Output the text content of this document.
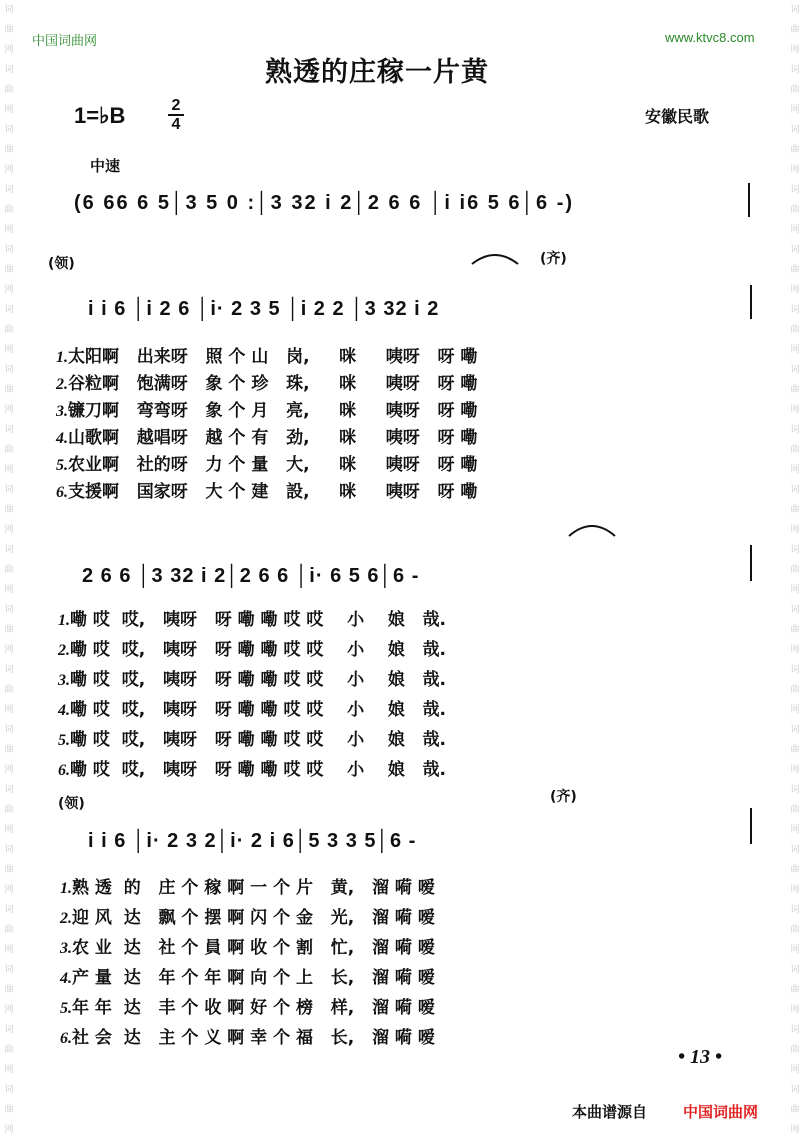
词 曲 网 词 曲 网 词 曲 网 词 曲 网 词 曲 网 词 曲 网 词 曲 网 词 曲 网 词 曲 网 词 曲 网 词 曲 网 词 曲 网 词 曲 网 词 曲 网 词 曲 网 词 曲 网 词 曲 网 词 曲 网 词 曲 网
词 曲 网 词 曲 网 词 曲 网 词 曲 网 词 曲 网 词 曲 网 词 曲 网 词 曲 网 词 曲 网 词 曲 网 词 曲 网 词 曲 网 词 曲 网 词 曲 网 词 曲 网 词 曲 网 词 曲 网 词 曲 网 词 曲 网
中国词曲网	www.ktvc8.com
熟透的庄稼一片黄
1=♭B	2
4	安徽民歌
中速
(6 66 6 5│3 5 0 :│3 32 i 2│2 6 6 │i i6 5 6│6 -)
(领)	(齐)
i i 6 │i 2 6 │i· 2 3 5 │i 2 2 │3 32 i 2
1.太阳啊   出来呀   照 个 山   岗,     咪     咦呀   呀 嘞
2.谷粒啊   饱满呀   象 个 珍   珠,     咪     咦呀   呀 嘞
3.镰刀啊   弯弯呀   象 个 月   亮,     咪     咦呀   呀 嘞
4.山歌啊   越唱呀   越 个 有   劲,     咪     咦呀   呀 嘞
5.农业啊   社的呀   力 个 量   大,     咪     咦呀   呀 嘞
6.支援啊   国家呀   大 个 建   設,     咪     咦呀   呀 嘞
2 6 6 │3 32 i 2│2 6 6 │i· 6 5 6│6 -
1.嘞 哎  哎,   咦呀   呀 嘞 嘞 哎 哎    小    娘   哉.
2.嘞 哎  哎,   咦呀   呀 嘞 嘞 哎 哎    小    娘   哉.
3.嘞 哎  哎,   咦呀   呀 嘞 嘞 哎 哎    小    娘   哉.
4.嘞 哎  哎,   咦呀   呀 嘞 嘞 哎 哎    小    娘   哉.
5.嘞 哎  哎,   咦呀   呀 嘞 嘞 哎 哎    小    娘   哉.
6.嘞 哎  哎,   咦呀   呀 嘞 嘞 哎 哎    小    娘   哉.
(领)	(齐)
i i 6 │i· 2 3 2│i· 2 i 6│5 3 3 5│6 -
1.熟 透  的   庄 个 稼 啊 一 个 片   黄,   溜 嗬 嗳
2.迎 风  达   飘 个 摆 啊 闪 个 金   光,   溜 嗬 嗳
3.农 业  达   社 个 員 啊 收 个 割   忙,   溜 嗬 嗳
4.产 量  达   年 个 年 啊 向 个 上   长,   溜 嗬 嗳
5.年 年  达   丰 个 收 啊 好 个 榜   样,   溜 嗬 嗳
6.社 会  达   主 个 义 啊 幸 个 福   长,   溜 嗬 嗳
• 13 •
本曲谱源自 中国词曲网
